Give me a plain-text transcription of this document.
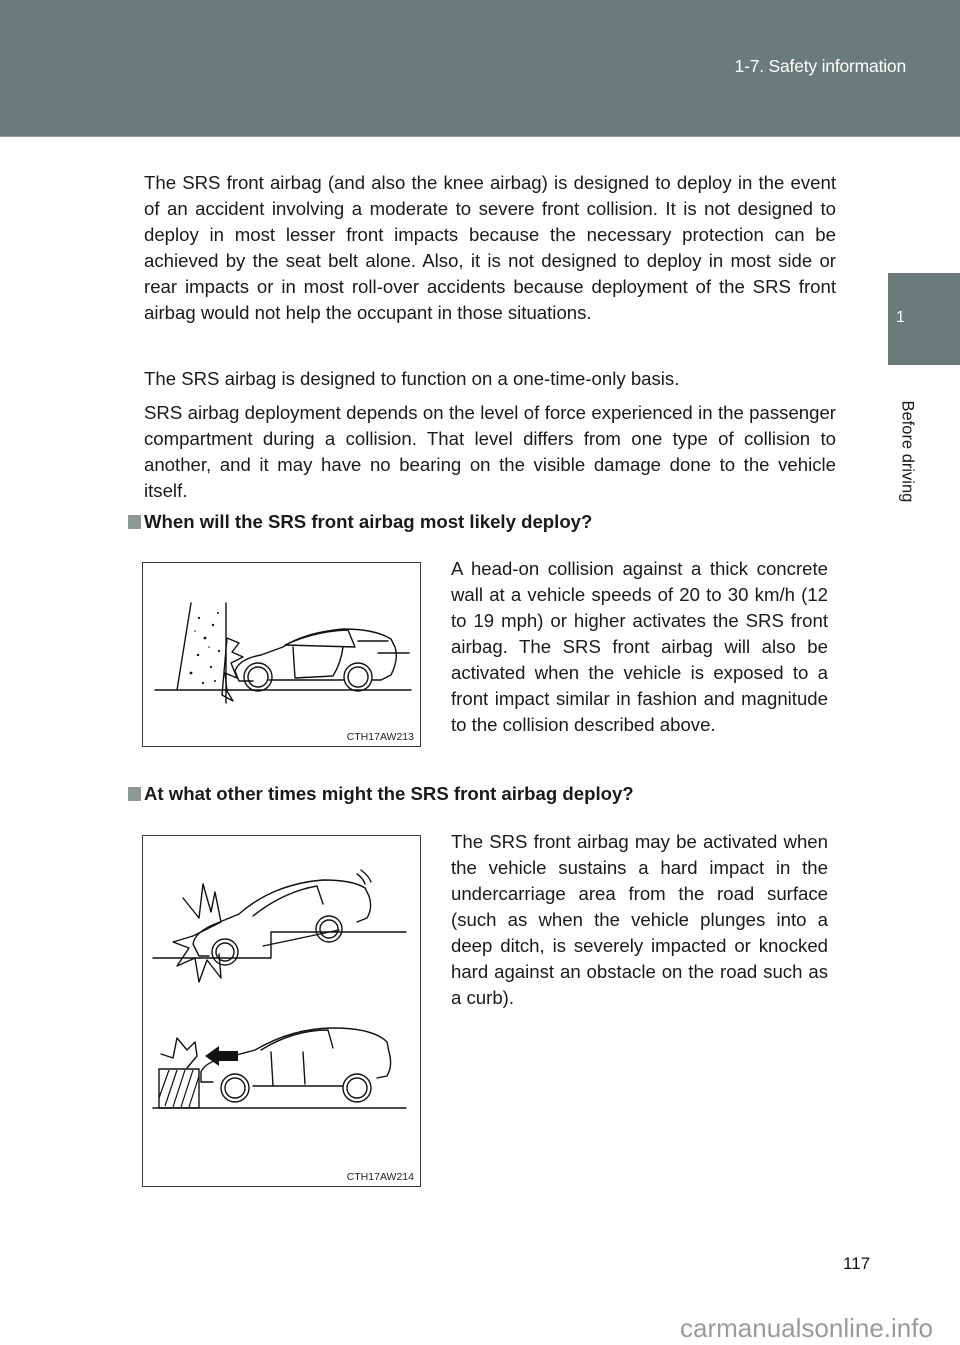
1-7. Safety information
1
Before driving

The SRS front airbag (and also the knee airbag) is designed to deploy in the event of an accident involving a moderate to severe front collision. It is not designed to deploy in most lesser front impacts because the necessary protection can be achieved by the seat belt alone. Also, it is not designed to deploy in most side or rear impacts or in most roll-over accidents because deployment of the SRS front airbag would not help the occupant in those situations.

The SRS airbag is designed to function on a one-time-only basis.

SRS airbag deployment depends on the level of force experienced in the passenger compartment during a collision. That level differs from one type of collision to another, and it may have no bearing on the visible damage done to the vehicle itself.

When will the SRS front airbag most likely deploy?
CTH17AW213

A head-on collision against a thick concrete wall at a vehicle speeds of 20 to 30 km/h (12 to 19 mph) or higher activates the SRS front airbag. The SRS front airbag will also be activated when the vehicle is exposed to a front impact similar in fashion and magnitude to the collision described above.

At what other times might the SRS front airbag deploy?
CTH17AW214

The SRS front airbag may be activated when the vehicle sustains a hard impact in the undercarriage area from the road surface (such as when the vehicle plunges into a deep ditch, is severely impacted or knocked hard against an obstacle on the road such as a curb).

117
carmanualsonline.info
